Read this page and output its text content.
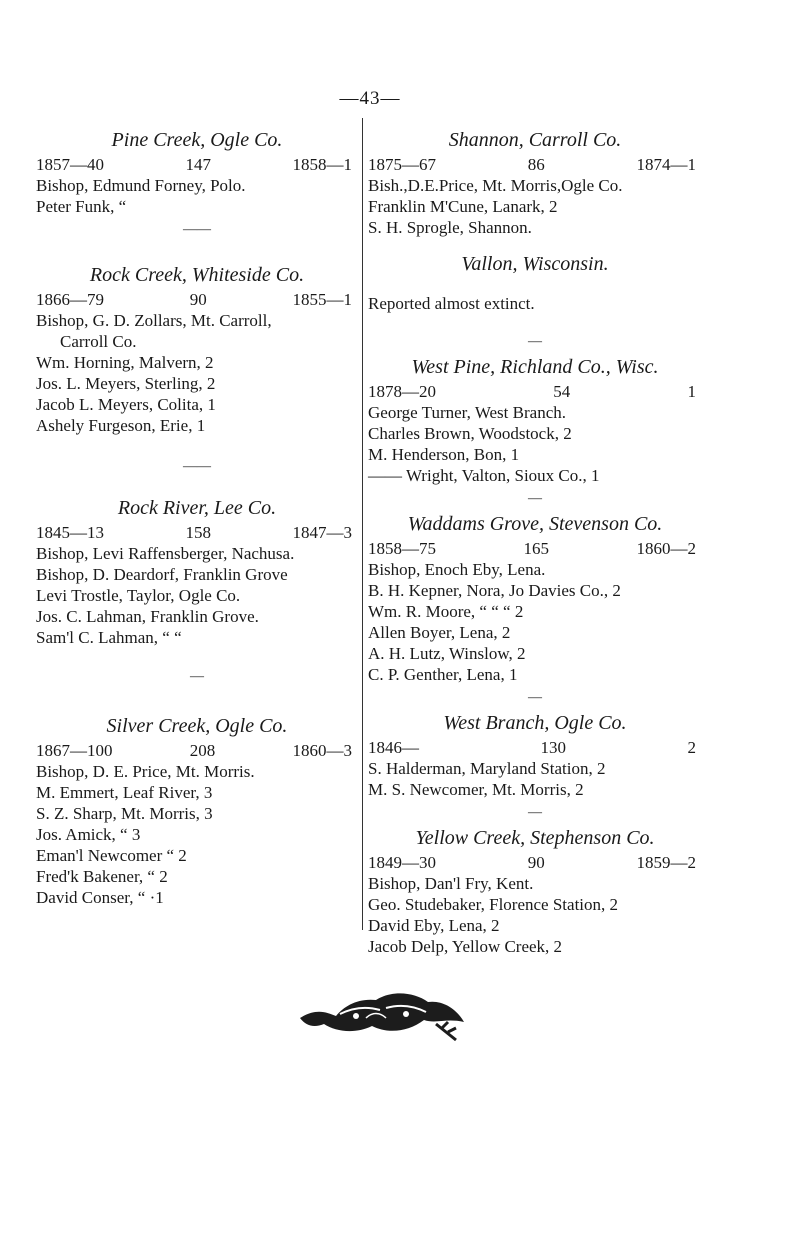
—43—

Pine Creek, Ogle Co.

1857—40	147	1858—1

Bishop, Edmund Forney, Polo.

Peter Funk, “

——

Rock Creek, Whiteside Co.

1866—79	90	1855—1

Bishop, G. D. Zollars, Mt. Carroll,

Carroll Co.

Wm. Horning, Malvern, 2

Jos. L. Meyers, Sterling, 2

Jacob L. Meyers, Colita, 1

Ashely Furgeson, Erie, 1

——

Rock River, Lee Co.

1845—13	158	1847—3

Bishop, Levi Raffensberger, Nachusa.

Bishop, D. Deardorf, Franklin Grove

Levi Trostle, Taylor, Ogle Co.

Jos. C. Lahman, Franklin Grove.

Sam'l C. Lahman, “ “

—

Silver Creek, Ogle Co.

1867—100	208	1860—3

Bishop, D. E. Price, Mt. Morris.

M. Emmert, Leaf River, 3

S. Z. Sharp, Mt. Morris, 3

Jos. Amick, “ 3

Eman'l Newcomer “ 2

Fred'k Bakener, “ 2

David Conser, “ ·1

Shannon, Carroll Co.

1875—67	86	1874—1

Bish.,D.E.Price, Mt. Morris,Ogle Co.

Franklin M'Cune, Lanark, 2

S. H. Sprogle, Shannon.

Vallon, Wisconsin.

Reported almost extinct.

—

West Pine, Richland Co., Wisc.

1878—20	54	1

George Turner, West Branch.

Charles Brown, Woodstock, 2

M. Henderson, Bon, 1

—— Wright, Valton, Sioux Co., 1

—

Waddams Grove, Stevenson Co.

1858—75	165	1860—2

Bishop, Enoch Eby, Lena.

B. H. Kepner, Nora, Jo Davies Co., 2

Wm. R. Moore, “ “ “ 2

Allen Boyer, Lena, 2

A. H. Lutz, Winslow, 2

C. P. Genther, Lena, 1

—

West Branch, Ogle Co.

1846—	130	2

S. Halderman, Maryland Station, 2

M. S. Newcomer, Mt. Morris, 2

—

Yellow Creek, Stephenson Co.

1849—30	90	1859—2

Bishop, Dan'l Fry, Kent.

Geo. Studebaker, Florence Station, 2

David Eby, Lena, 2

Jacob Delp, Yellow Creek, 2
